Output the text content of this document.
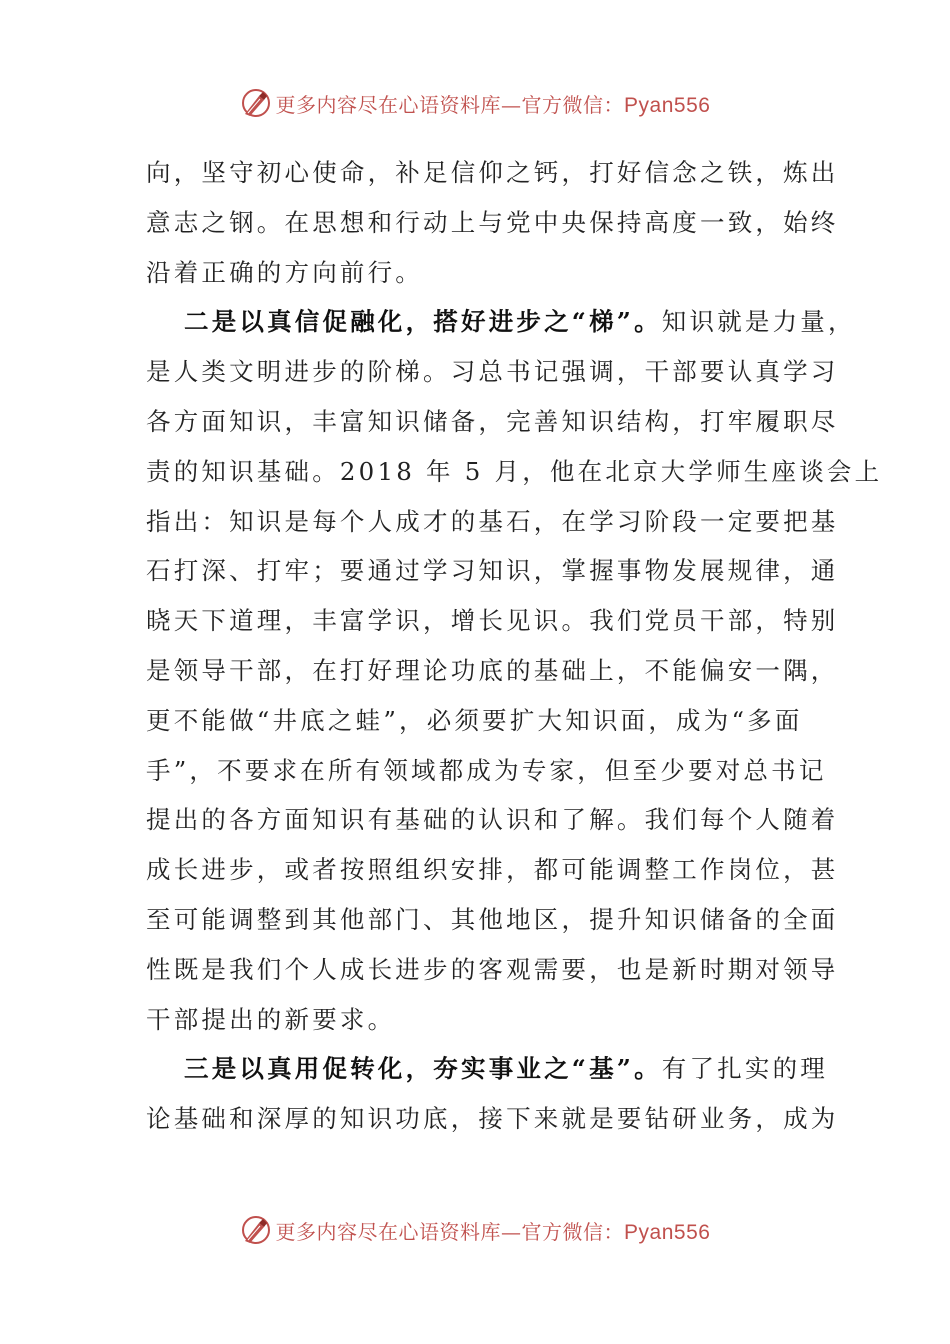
更多内容尽在心语资料库—官方微信：Pyan556
向，坚守初心使命，补足信仰之钙，打好信念之铁，炼出
意志之钢。在思想和行动上与党中央保持高度一致，始终
沿着正确的方向前行。
二是以真信促融化，搭好进步之“梯”。知识就是力量，
是人类文明进步的阶梯。习总书记强调，干部要认真学习
各方面知识，丰富知识储备，完善知识结构，打牢履职尽
责的知识基础。2018 年 5 月，他在北京大学师生座谈会上
指出：知识是每个人成才的基石，在学习阶段一定要把基
石打深、打牢；要通过学习知识，掌握事物发展规律，通
晓天下道理，丰富学识，增长见识。我们党员干部，特别
是领导干部，在打好理论功底的基础上，不能偏安一隅，
更不能做“井底之蛙”，必须要扩大知识面，成为“多面
手”，不要求在所有领域都成为专家，但至少要对总书记
提出的各方面知识有基础的认识和了解。我们每个人随着
成长进步，或者按照组织安排，都可能调整工作岗位，甚
至可能调整到其他部门、其他地区，提升知识储备的全面
性既是我们个人成长进步的客观需要，也是新时期对领导
干部提出的新要求。
三是以真用促转化，夯实事业之“基”。有了扎实的理
论基础和深厚的知识功底，接下来就是要钻研业务，成为
更多内容尽在心语资料库—官方微信：Pyan556
